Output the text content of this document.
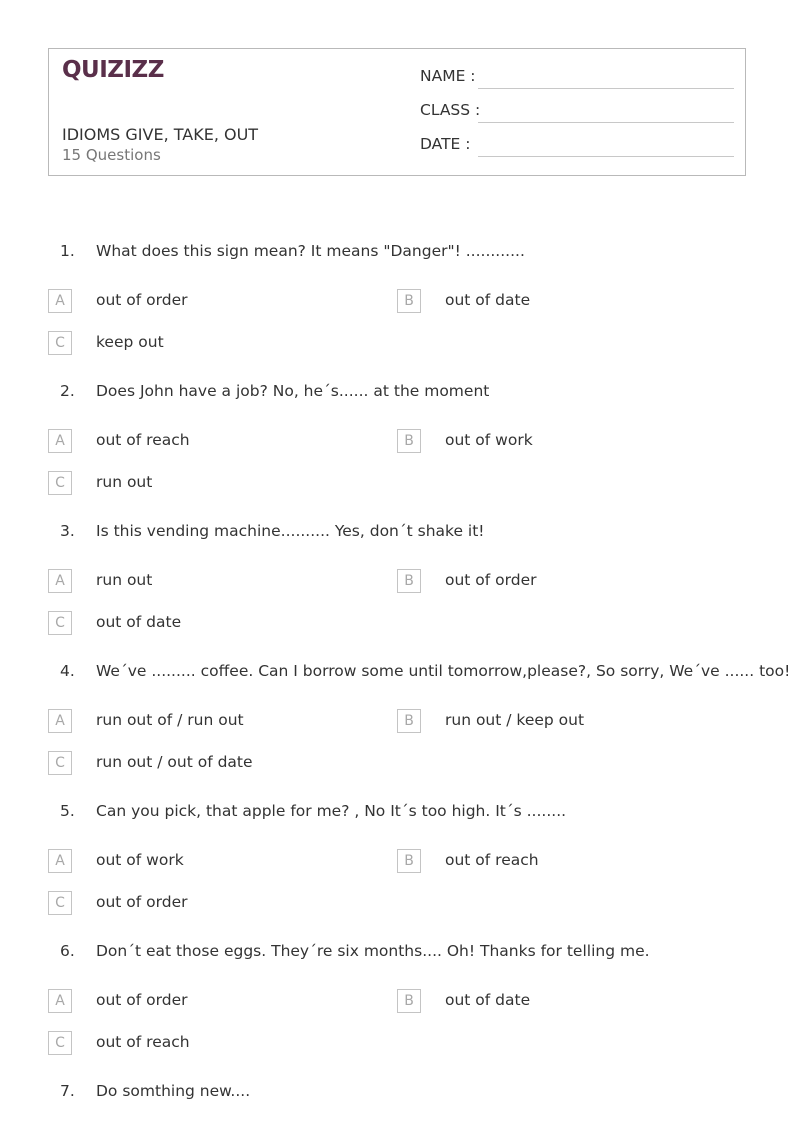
QUIZIZZ
IDIOMS GIVE, TAKE, OUT
15 Questions
NAME :
CLASS :
DATE :
1. What does this sign mean? It means "Danger"! ............
A	out of order	B	out of date
C	keep out
2. Does John have a job? No, he´s...... at the moment
A	out of reach	B	out of work
C	run out
3. Is this vending machine.......... Yes, don´t shake it!
A	run out	B	out of order
C	out of date
4. We´ve ......... coffee. Can I borrow some until tomorrow,please?, So sorry, We´ve ...... too!
A	run out of / run out	B	run out / keep out
C	run out / out of date
5. Can you pick, that apple for me? , No It´s too high. It´s ........
A	out of work	B	out of reach
C	out of order
6. Don´t eat those eggs. They´re six months.... Oh! Thanks for telling me.
A	out of order	B	out of date
C	out of reach
7. Do somthing new....
